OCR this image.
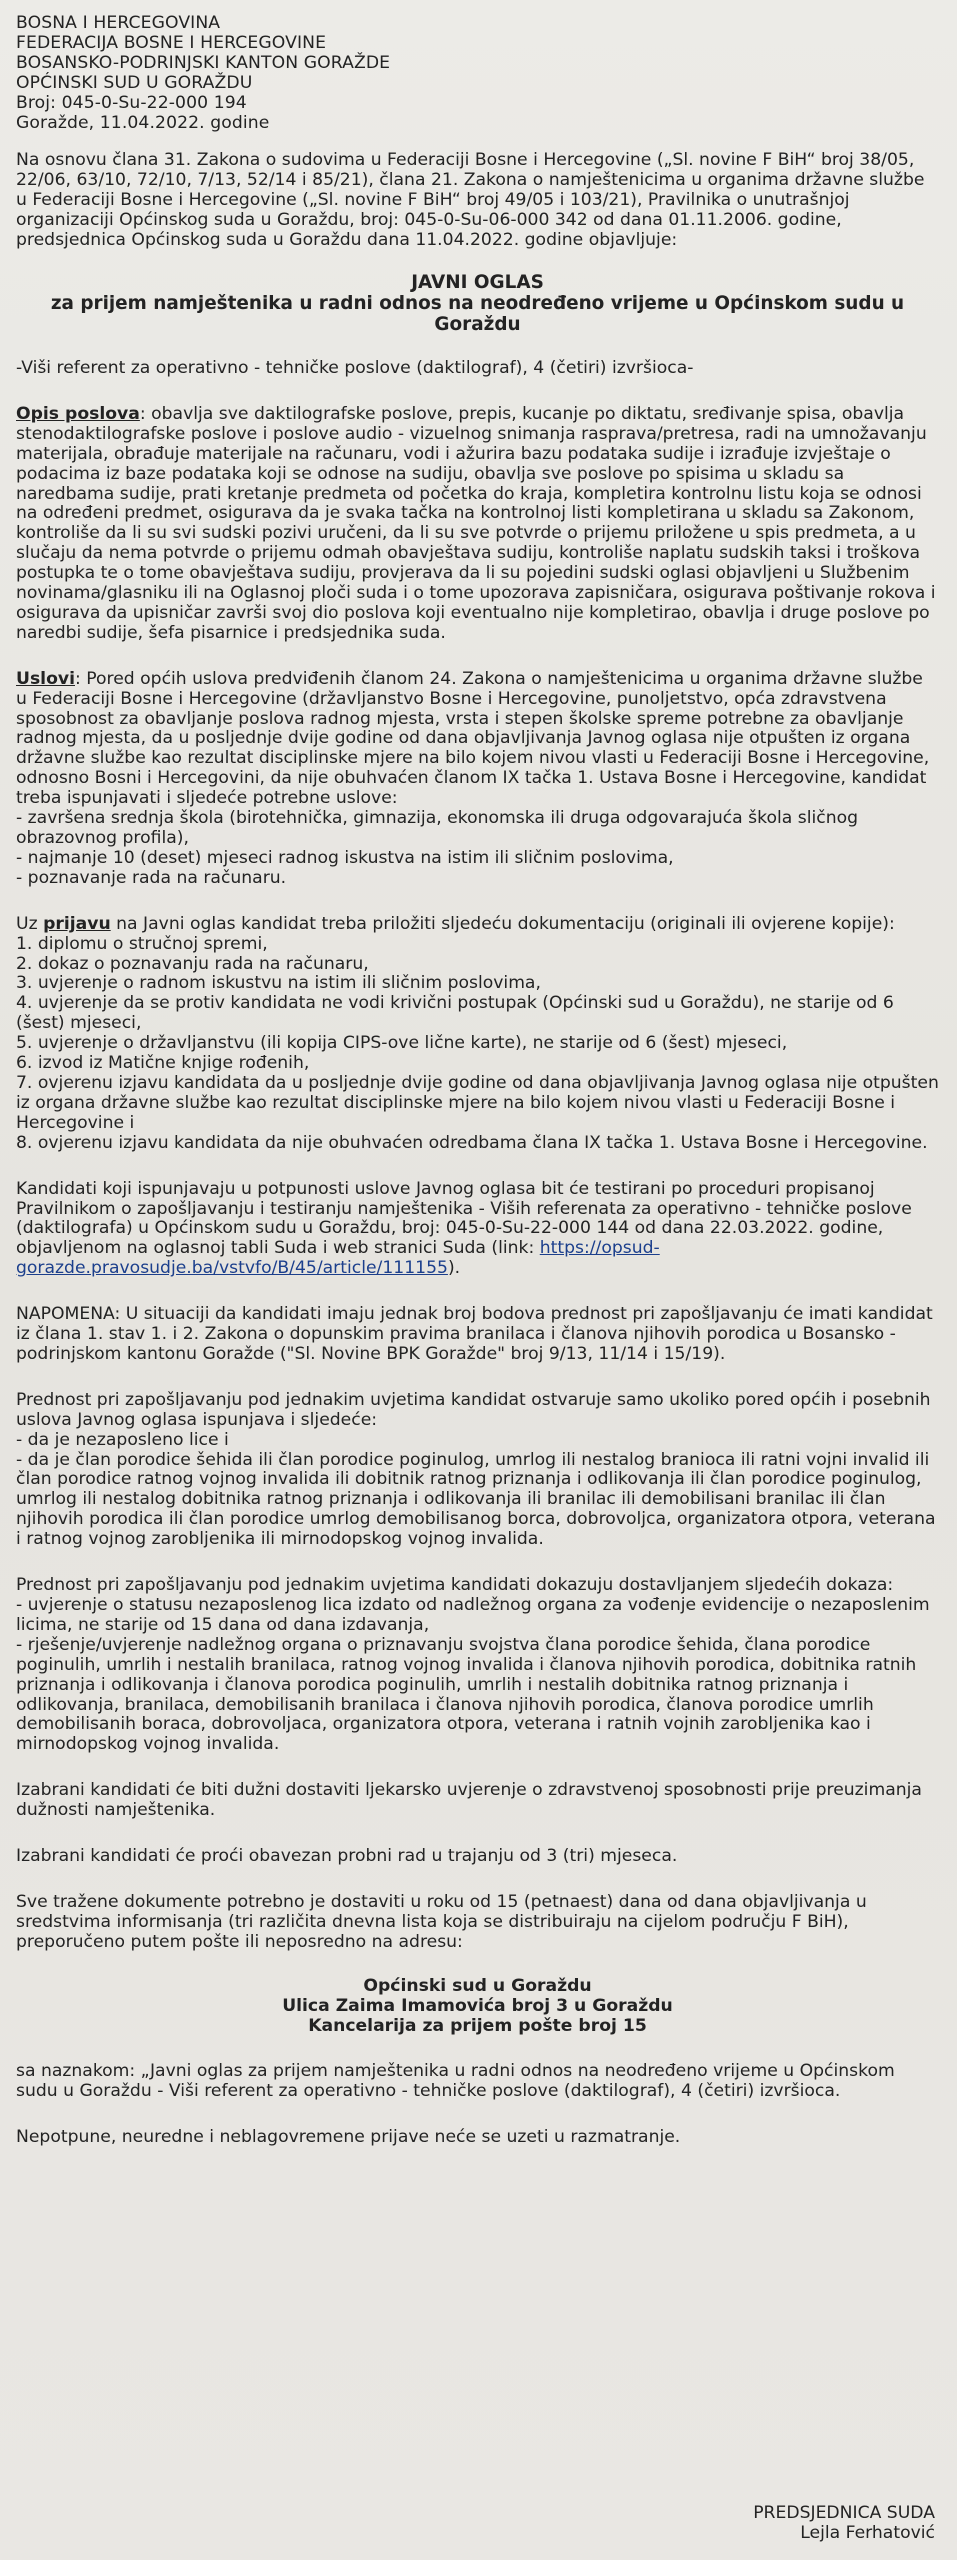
BOSNA I HERCEGOVINA
FEDERACIJA BOSNE I HERCEGOVINE
BOSANSKO-PODRINJSKI KANTON GORAŽDE
OPĆINSKI SUD U GORAŽDU
Broj: 045-0-Su-22-000 194
Goražde, 11.04.2022. godine

Na osnovu člana 31. Zakona o sudovima u Federaciji Bosne i Hercegovine („Sl. novine F BiH“ broj 38/05, 22/06, 63/10, 72/10, 7/13, 52/14 i 85/21), člana 21. Zakona o namještenicima u organima državne službe u Federaciji Bosne i Hercegovine („Sl. novine F BiH“ broj 49/05 i 103/21), Pravilnika o unutrašnjoj organizaciji Općinskog suda u Goraždu, broj: 045-0-Su-06-000 342 od dana 01.11.2006. godine, predsjednica Općinskog suda u Goraždu dana 11.04.2022. godine objavljuje:

JAVNI OGLAS
za prijem namještenika u radni odnos na neodređeno vrijeme u Općinskom sudu u Goraždu

-Viši referent za operativno - tehničke poslove (daktilograf), 4 (četiri) izvršioca-

Opis poslova: obavlja sve daktilografske poslove, prepis, kucanje po diktatu, sređivanje spisa, obavlja stenodaktilografske poslove i poslove audio - vizuelnog snimanja rasprava/pretresa, radi na umnožavanju materijala, obrađuje materijale na računaru, vodi i ažurira bazu podataka sudije i izrađuje izvještaje o podacima iz baze podataka koji se odnose na sudiju, obavlja sve poslove po spisima u skladu sa naredbama sudije, prati kretanje predmeta od početka do kraja, kompletira kontrolnu listu koja se odnosi na određeni predmet, osigurava da je svaka tačka na kontrolnoj listi kompletirana u skladu sa Zakonom, kontroliše da li su svi sudski pozivi uručeni, da li su sve potvrde o prijemu priložene u spis predmeta, a u slučaju da nema potvrde o prijemu odmah obavještava sudiju, kontroliše naplatu sudskih taksi i troškova postupka te o tome obavještava sudiju, provjerava da li su pojedini sudski oglasi objavljeni u Službenim novinama/glasniku ili na Oglasnoj ploči suda i o tome upozorava zapisničara, osigurava poštivanje rokova i osigurava da upisničar završi svoj dio poslova koji eventualno nije kompletirao, obavlja i druge poslove po naredbi sudije, šefa pisarnice i predsjednika suda.

Uslovi: Pored općih uslova predviđenih članom 24. Zakona o namještenicima u organima državne službe u Federaciji Bosne i Hercegovine (državljanstvo Bosne i Hercegovine, punoljetstvo, opća zdravstvena sposobnost za obavljanje poslova radnog mjesta, vrsta i stepen školske spreme potrebne za obavljanje radnog mjesta, da u posljednje dvije godine od dana objavljivanja Javnog oglasa nije otpušten iz organa državne službe kao rezultat disciplinske mjere na bilo kojem nivou vlasti u Federaciji Bosne i Hercegovine, odnosno Bosni i Hercegovini, da nije obuhvaćen članom IX tačka 1. Ustava Bosne i Hercegovine, kandidat treba ispunjavati i sljedeće potrebne uslove:

- završena srednja škola (birotehnička, gimnazija, ekonomska ili druga odgovarajuća škola sličnog obrazovnog profila),
- najmanje 10 (deset) mjeseci radnog iskustva na istim ili sličnim poslovima,
- poznavanje rada na računaru.

Uz prijavu na Javni oglas kandidat treba priložiti sljedeću dokumentaciju (originali ili ovjerene kopije):

1. diplomu o stručnoj spremi,
2. dokaz o poznavanju rada na računaru,
3. uvjerenje o radnom iskustvu na istim ili sličnim poslovima,
4. uvjerenje da se protiv kandidata ne vodi krivični postupak (Općinski sud u Goraždu), ne starije od 6 (šest) mjeseci,
5. uvjerenje o državljanstvu (ili kopija CIPS-ove lične karte), ne starije od 6 (šest) mjeseci,
6. izvod iz Matične knjige rođenih,
7. ovjerenu izjavu kandidata da u posljednje dvije godine od dana objavljivanja Javnog oglasa nije otpušten iz organa državne službe kao rezultat disciplinske mjere na bilo kojem nivou vlasti u Federaciji Bosne i Hercegovine i
8. ovjerenu izjavu kandidata da nije obuhvaćen odredbama člana IX tačka 1. Ustava Bosne i Hercegovine.

Kandidati koji ispunjavaju u potpunosti uslove Javnog oglasa bit će testirani po proceduri propisanoj Pravilnikom o zapošljavanju i testiranju namještenika - Viših referenata za operativno - tehničke poslove (daktilografa) u Općinskom sudu u Goraždu, broj: 045-0-Su-22-000 144 od dana 22.03.2022. godine, objavljenom na oglasnoj tabli Suda i web stranici Suda (link: https://opsud-gorazde.pravosudje.ba/vstvfo/B/45/article/111155).

NAPOMENA: U situaciji da kandidati imaju jednak broj bodova prednost pri zapošljavanju će imati kandidat iz člana 1. stav 1. i 2. Zakona o dopunskim pravima branilaca i članova njihovih porodica u Bosansko - podrinjskom kantonu Goražde ("Sl. Novine BPK Goražde" broj 9/13, 11/14 i 15/19).

Prednost pri zapošljavanju pod jednakim uvjetima kandidat ostvaruje samo ukoliko pored općih i posebnih uslova Javnog oglasa ispunjava i sljedeće:

- da je nezaposleno lice i
- da je član porodice šehida ili član porodice poginulog, umrlog ili nestalog branioca ili ratni vojni invalid ili član porodice ratnog vojnog invalida ili dobitnik ratnog priznanja i odlikovanja ili član porodice poginulog, umrlog ili nestalog dobitnika ratnog priznanja i odlikovanja ili branilac ili demobilisani branilac ili član njihovih porodica ili član porodice umrlog demobilisanog borca, dobrovoljca, organizatora otpora, veterana i ratnog vojnog zarobljenika ili mirnodopskog vojnog invalida.

Prednost pri zapošljavanju pod jednakim uvjetima kandidati dokazuju dostavljanjem sljedećih dokaza:

- uvjerenje o statusu nezaposlenog lica izdato od nadležnog organa za vođenje evidencije o nezaposlenim licima, ne starije od 15 dana od dana izdavanja,
- rješenje/uvjerenje nadležnog organa o priznavanju svojstva člana porodice šehida, člana porodice poginulih, umrlih i nestalih branilaca, ratnog vojnog invalida i članova njihovih porodica, dobitnika ratnih priznanja i odlikovanja i članova porodica poginulih, umrlih i nestalih dobitnika ratnog priznanja i odlikovanja, branilaca, demobilisanih branilaca i članova njihovih porodica, članova porodice umrlih demobilisanih boraca, dobrovoljaca, organizatora otpora, veterana i ratnih vojnih zarobljenika kao i mirnodopskog vojnog invalida.

Izabrani kandidati će biti dužni dostaviti ljekarsko uvjerenje o zdravstvenoj sposobnosti prije preuzimanja dužnosti namještenika.

Izabrani kandidati će proći obavezan probni rad u trajanju od 3 (tri) mjeseca.

Sve tražene dokumente potrebno je dostaviti u roku od 15 (petnaest) dana od dana objavljivanja u sredstvima informisanja (tri različita dnevna lista koja se distribuiraju na cijelom području F BiH), preporučeno putem pošte ili neposredno na adresu:

Općinski sud u Goraždu
Ulica Zaima Imamovića broj 3 u Goraždu
Kancelarija za prijem pošte broj 15

sa naznakom: „Javni oglas za prijem namještenika u radni odnos na neodređeno vrijeme u Općinskom sudu u Goraždu - Viši referent za operativno - tehničke poslove (daktilograf), 4 (četiri) izvršioca.

Nepotpune, neuredne i neblagovremene prijave neće se uzeti u razmatranje.

PREDSJEDNICA SUDA
Lejla Ferhatović
